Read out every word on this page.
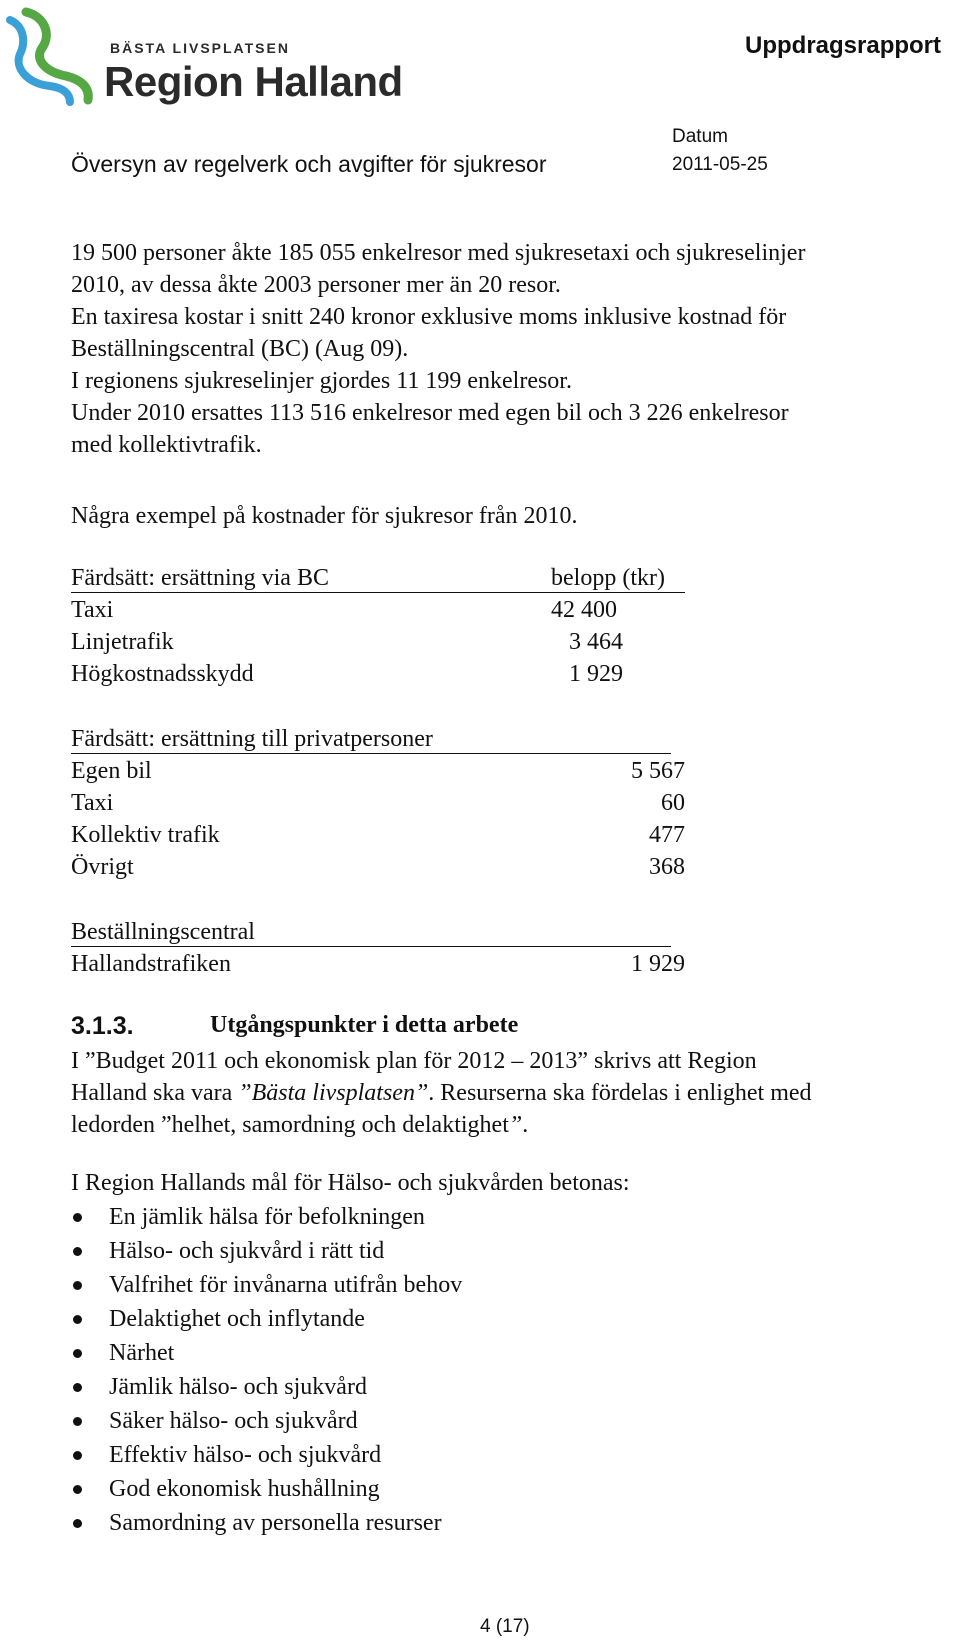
BÄSTA LIVSPLATSEN
Region Halland
Uppdragsrapport
Översyn av regelverk och avgifter för sjukresor
Datum
2011-05-25
19 500 personer åkte 185 055 enkelresor med sjukresetaxi och sjukreselinjer
2010, av dessa åkte 2003 personer mer än 20 resor.
En taxiresa kostar i snitt 240 kronor exklusive moms inklusive kostnad för
Beställningscentral (BC) (Aug 09).
I regionens sjukreselinjer gjordes 11 199 enkelresor.
Under 2010 ersattes 113 516 enkelresor med egen bil och 3 226 enkelresor
med kollektivtrafik.
Några exempel på kostnader för sjukresor från 2010.
Färdsätt: ersättning via BC	belopp (tkr)
Taxi	42 400
Linjetrafik	3 464
Högkostnadsskydd	1 929
Färdsätt: ersättning till privatpersoner
Egen bil	5 567
Taxi	60
Kollektiv trafik	477
Övrigt	368
Beställningscentral
Hallandstrafiken	1 929
3.1.3.	Utgångspunkter i detta arbete
I ”Budget 2011 och ekonomisk plan för 2012 – 2013” skrivs att Region
Halland ska vara ”Bästa livsplatsen”. Resurserna ska fördelas i enlighet med
ledorden ”helhet, samordning och delaktighet”.
I Region Hallands mål för Hälso- och sjukvården betonas:
En jämlik hälsa för befolkningen
Hälso- och sjukvård i rätt tid
Valfrihet för invånarna utifrån behov
Delaktighet och inflytande
Närhet
Jämlik hälso- och sjukvård
Säker hälso- och sjukvård
Effektiv hälso- och sjukvård
God ekonomisk hushållning
Samordning av personella resurser
4 (17)
